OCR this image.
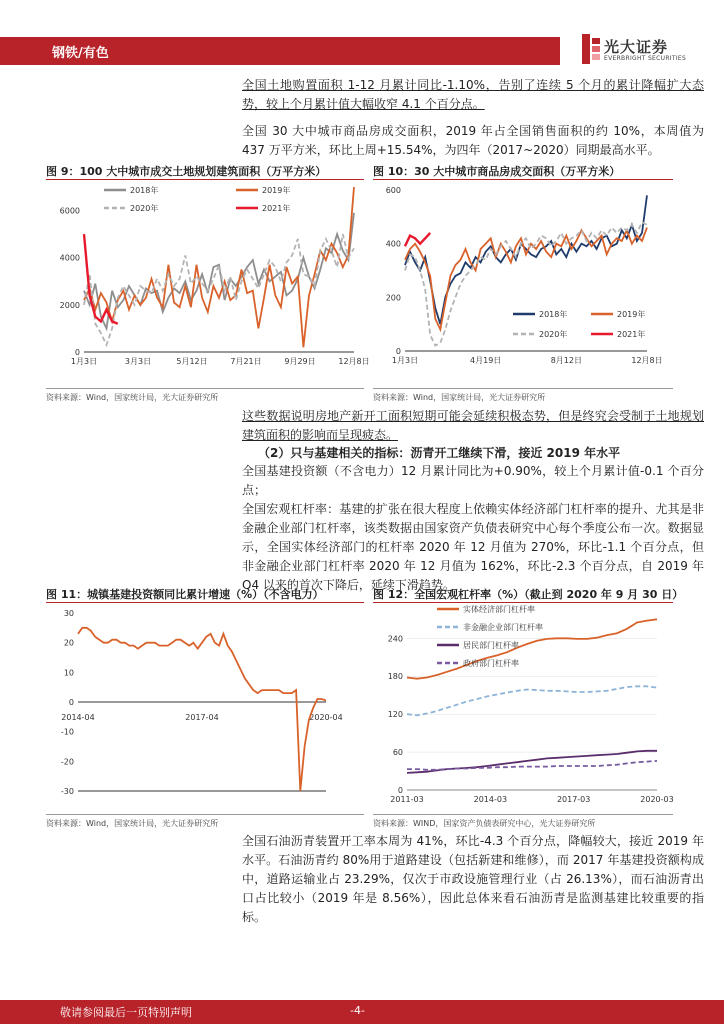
钢铁/有色	光大证券
EVERBRIGHT SECURITIES
全国土地购置面积 1-12 月累计同比-1.10%，告别了连续 5 个月的累计降幅扩大态势，较上个月累计值大幅收窄 4.1 个百分点。
全国 30 大中城市商品房成交面积，2019 年占全国销售面积的约 10%，本周值为 437 万平方米，环比上周+15.54%，为四年（2017~2020）同期最高水平。
图 9：100 大中城市成交土地规划建筑面积（万平方米）
0
2000
4000
6000
1月3日	3月3日	5月12日	7月21日	9月29日	12月8日
2018年	2019年
2020年	2021年
资料来源：Wind，国家统计局，光大证券研究所
图 10：30 大中城市商品房成交面积（万平方米）
0
200
400
600
1月3日	4月19日	8月12日	12月8日
2018年	2019年
2020年	2021年
资料来源：Wind，国家统计局，光大证券研究所
这些数据说明房地产新开工面积短期可能会延续积极态势，但是终究会受制于土地规划建筑面积的影响而呈现疲态。
（2）只与基建相关的指标：沥青开工继续下滑，接近 2019 年水平
全国基建投资额（不含电力）12 月累计同比为+0.90%，较上个月累计值-0.1 个百分点；
全国宏观杠杆率：基建的扩张在很大程度上依赖实体经济部门杠杆率的提升、尤其是非金融企业部门杠杆率，该类数据由国家资产负债表研究中心每个季度公布一次。数据显示，全国实体经济部门的杠杆率 2020 年 12 月值为 270%，环比-1.1 个百分点，但非金融企业部门杠杆率 2020 年 12 月值为 162%，环比-2.3 个百分点，自 2019 年 Q4 以来的首次下降后，延续下滑趋势。
图 11：城镇基建投资额同比累计增速（%）（不含电力）
-30
-20
-10
0
10
20
30
2014-04	2017-04	2020-04
资料来源：Wind，国家统计局，光大证券研究所
图 12：全国宏观杠杆率（%）（截止到 2020 年 9 月 30 日）
0
60
120
180
240
2011-03	2014-03	2017-03	2020-03
实体经济部门杠杆率
非金融企业部门杠杆率
居民部门杠杆率
政府部门杠杆率
资料来源：WIND，国家资产负债表研究中心，光大证券研究所
全国石油沥青装置开工率本周为 41%，环比-4.3 个百分点，降幅较大，接近 2019 年水平。石油沥青约 80%用于道路建设（包括新建和维修），而 2017 年基建投资额构成中，道路运输业占 23.29%，仅次于市政设施管理行业（占 26.13%），而石油沥青出口占比较小（2019 年是 8.56%），因此总体来看石油沥青是监测基建比较重要的指标。
敬请参阅最后一页特别声明	-4-
